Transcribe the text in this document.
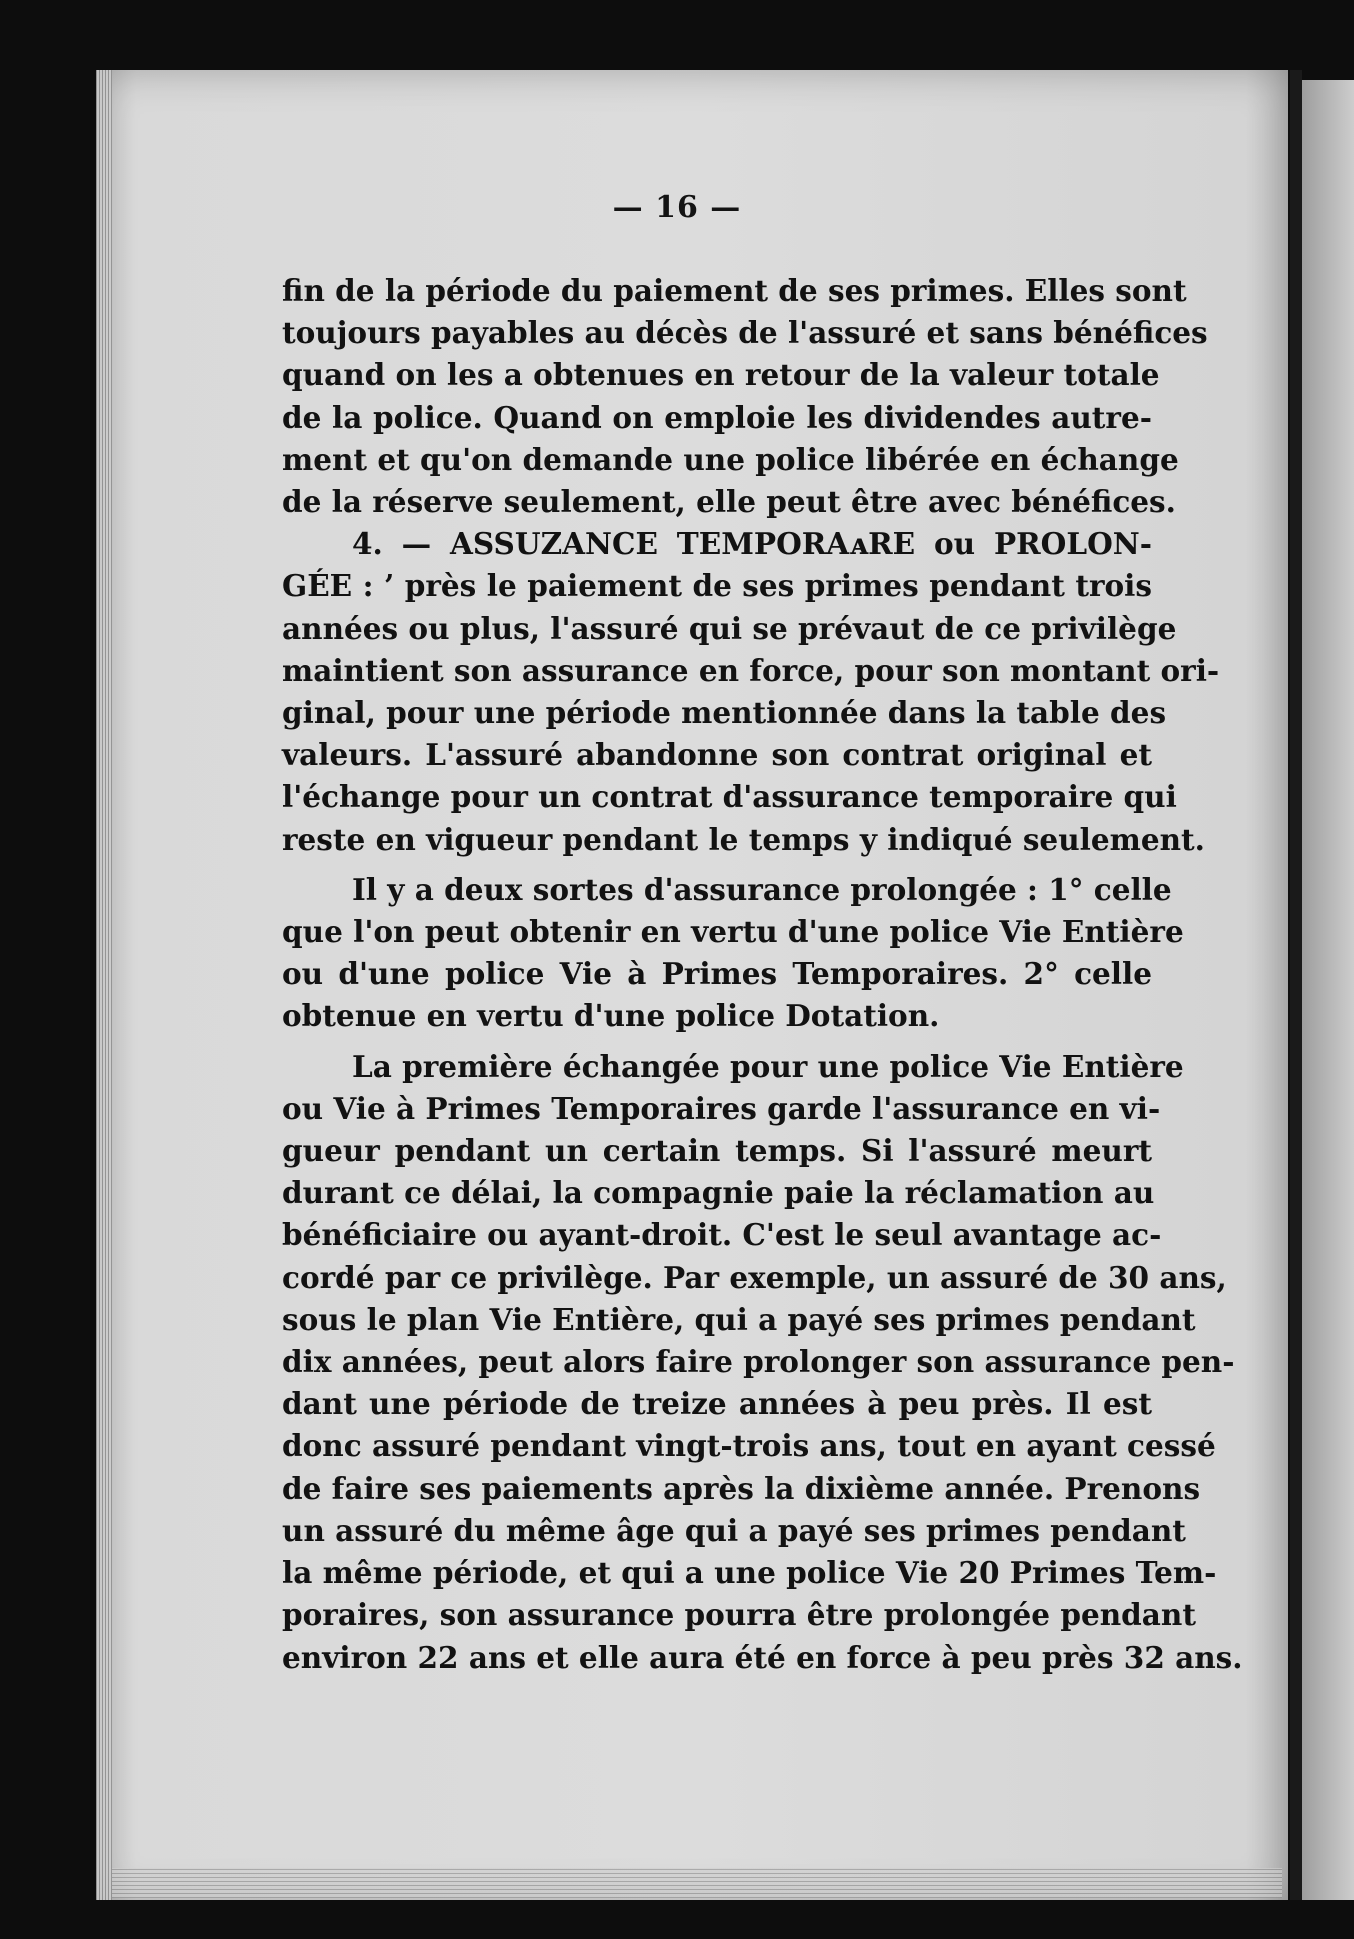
— 16 —
fin de la période du paiement de ses primes. Elles sont
toujours payables au décès de l'assuré et sans bénéfices
quand on les a obtenues en retour de la valeur totale
de la police. Quand on emploie les dividendes autre-
ment et qu'on demande une police libérée en échange
de la réserve seulement, elle peut être avec bénéfices.
4. — ASSUZANCE TEMPORAᴀRE ou PROLON-
GÉE : ’ près le paiement de ses primes pendant trois
années ou plus, l'assuré qui se prévaut de ce privilège
maintient son assurance en force, pour son montant ori-
ginal, pour une période mentionnée dans la table des
valeurs. L'assuré abandonne son contrat original et
l'échange pour un contrat d'assurance temporaire qui
reste en vigueur pendant le temps y indiqué seulement.
Il y a deux sortes d'assurance prolongée : 1° celle
que l'on peut obtenir en vertu d'une police Vie Entière
ou d'une police Vie à Primes Temporaires. 2° celle
obtenue en vertu d'une police Dotation.
La première échangée pour une police Vie Entière
ou Vie à Primes Temporaires garde l'assurance en vi-
gueur pendant un certain temps. Si l'assuré meurt
durant ce délai, la compagnie paie la réclamation au
bénéficiaire ou ayant-droit. C'est le seul avantage ac-
cordé par ce privilège. Par exemple, un assuré de 30 ans,
sous le plan Vie Entière, qui a payé ses primes pendant
dix années, peut alors faire prolonger son assurance pen-
dant une période de treize années à peu près. Il est
donc assuré pendant vingt-trois ans, tout en ayant cessé
de faire ses paiements après la dixième année. Prenons
un assuré du même âge qui a payé ses primes pendant
la même période, et qui a une police Vie 20 Primes Tem-
poraires, son assurance pourra être prolongée pendant
environ 22 ans et elle aura été en force à peu près 32 ans.
